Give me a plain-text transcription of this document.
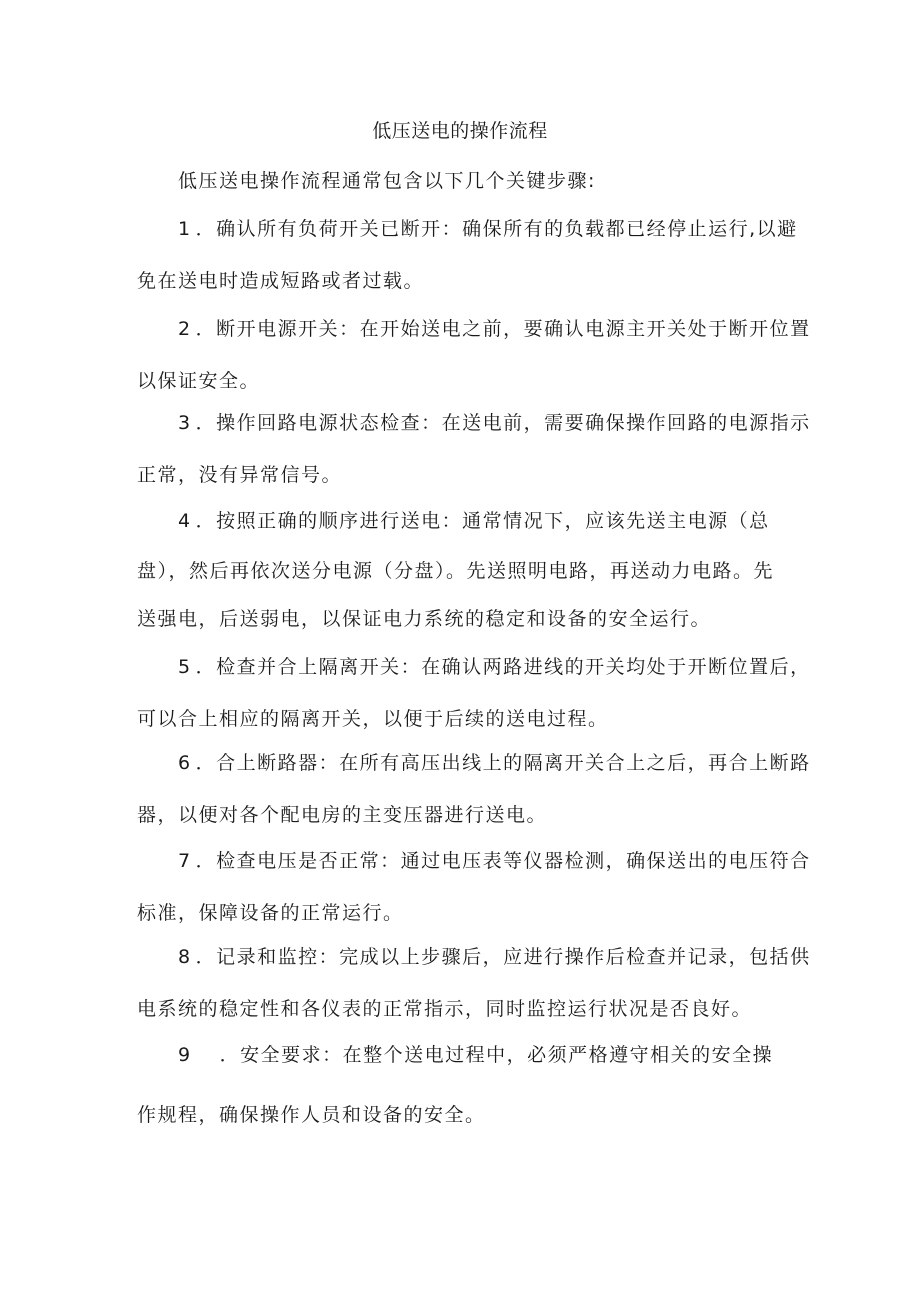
低压送电的操作流程
低压送电操作流程通常包含以下几个关键步骤:
1 ．确认所有负荷开关已断开：确保所有的负载都已经停止运行,以避
免在送电时造成短路或者过载。
2 ．断开电源开关：在开始送电之前，要确认电源主开关处于断开位置
以保证安全。
3 ．操作回路电源状态检查：在送电前，需要确保操作回路的电源指示
正常，没有异常信号。
4 ．按照正确的顺序进行送电：通常情况下，应该先送主电源（总
盘），然后再依次送分电源（分盘）。先送照明电路，再送动力电路。先
送强电，后送弱电，以保证电力系统的稳定和设备的安全运行。
5 ．检查并合上隔离开关：在确认两路进线的开关均处于开断位置后，
可以合上相应的隔离开关，以便于后续的送电过程。
6 ．合上断路器：在所有高压出线上的隔离开关合上之后，再合上断路
器，以便对各个配电房的主变压器进行送电。
7 ．检查电压是否正常：通过电压表等仪器检测，确保送出的电压符合
标准，保障设备的正常运行。
8 ．记录和监控：完成以上步骤后，应进行操作后检查并记录，包括供
电系统的稳定性和各仪表的正常指示，同时监控运行状况是否良好。
9 ．安全要求：在整个送电过程中，必须严格遵守相关的安全操
作规程，确保操作人员和设备的安全。
